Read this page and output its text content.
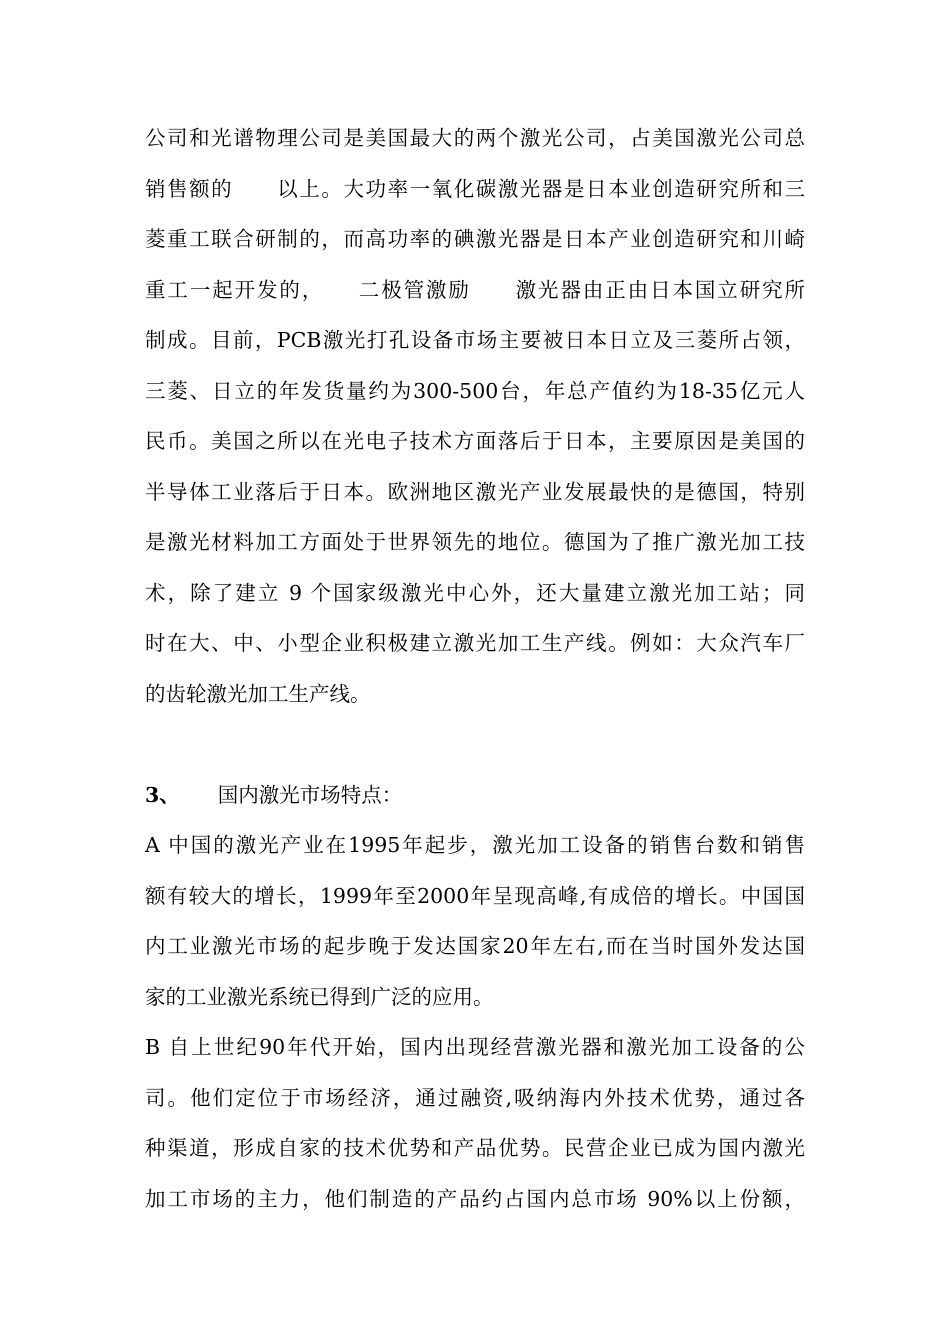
公司和光谱物理公司是美国最大的两个激光公司，占美国激光公司总
销售额的　　以上。大功率一氧化碳激光器是日本业创造研究所和三
菱重工联合研制的，而高功率的碘激光器是日本产业创造研究和川崎
重工一起开发的，　　二极管激励　　激光器由正由日本国立研究所
制成。目前，PCB激光打孔设备市场主要被日本日立及三菱所占领，
三菱、日立的年发货量约为300-500台，年总产值约为18-35亿元人
民币。美国之所以在光电子技术方面落后于日本，主要原因是美国的
半导体工业落后于日本。欧洲地区激光产业发展最快的是德国，特别
是激光材料加工方面处于世界领先的地位。德国为了推广激光加工技
术，除了建立 9 个国家级激光中心外，还大量建立激光加工站；同
时在大、中、小型企业积极建立激光加工生产线。例如：大众汽车厂
的齿轮激光加工生产线。
3、 国内激光市场特点：
A 中国的激光产业在1995年起步，激光加工设备的销售台数和销售
额有较大的增长，1999年至2000年呈现高峰,有成倍的增长。中国国
内工业激光市场的起步晚于发达国家20年左右,而在当时国外发达国
家的工业激光系统已得到广泛的应用。
B 自上世纪90年代开始，国内出现经营激光器和激光加工设备的公
司。他们定位于市场经济，通过融资,吸纳海内外技术优势，通过各
种渠道，形成自家的技术优势和产品优势。民营企业已成为国内激光
加工市场的主力，他们制造的产品约占国内总市场 90%以上份额，
